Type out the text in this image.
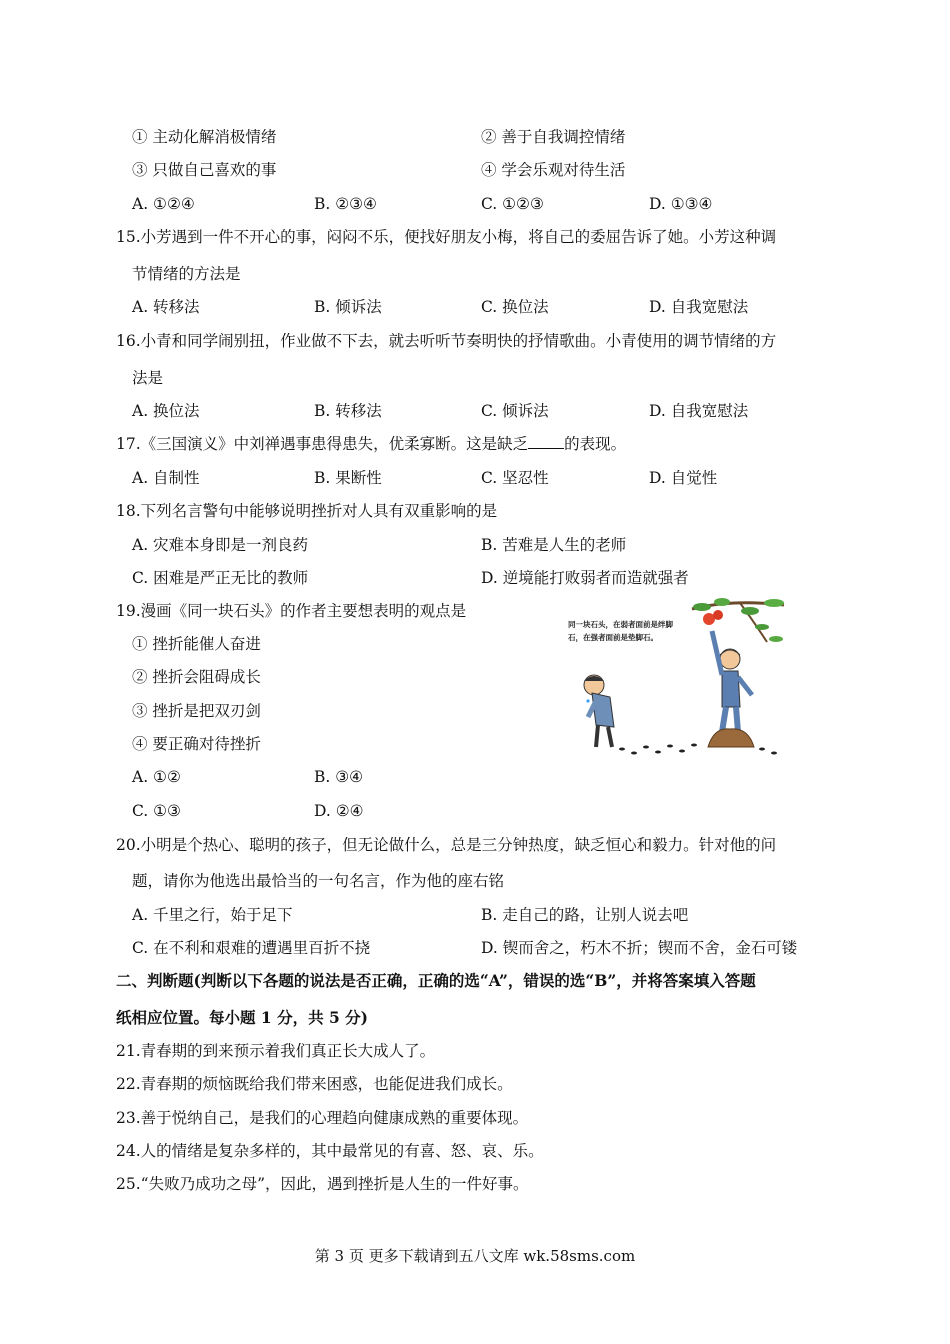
① 主动化解消极情绪	② 善于自我调控情绪
③ 只做自己喜欢的事	④ 学会乐观对待生活
A. ①②④	B. ②③④	C. ①②③	D. ①③④
15.小芳遇到一件不开心的事，闷闷不乐，便找好朋友小梅，将自己的委屈告诉了她。小芳这种调
节情绪的方法是
A. 转移法	B. 倾诉法	C. 换位法	D. 自我宽慰法
16.小青和同学闹别扭，作业做不下去，就去听听节奏明快的抒情歌曲。小青使用的调节情绪的方
法是
A. 换位法	B. 转移法	C. 倾诉法	D. 自我宽慰法
17.《三国演义》中刘禅遇事患得患失，优柔寡断。这是缺乏 的表现。
A. 自制性	B. 果断性	C. 坚忍性	D. 自觉性
18.下列名言警句中能够说明挫折对人具有双重影响的是
A. 灾难本身即是一剂良药	B. 苦难是人生的老师
C. 困难是严正无比的教师	D. 逆境能打败弱者而造就强者
19.漫画《同一块石头》的作者主要想表明的观点是
① 挫折能催人奋进
② 挫折会阻碍成长
③ 挫折是把双刃剑
④ 要正确对待挫折
A. ①②	B. ③④
C. ①③	D. ②④
同一块石头，在弱者面前是绊脚
石，在强者面前是垫脚石。
20.小明是个热心、聪明的孩子，但无论做什么，总是三分钟热度，缺乏恒心和毅力。针对他的问
题，请你为他选出最恰当的一句名言，作为他的座右铭
A. 千里之行，始于足下	B. 走自己的路，让别人说去吧
C. 在不利和艰难的遭遇里百折不挠	D. 锲而舍之，朽木不折；锲而不舍，金石可镂
二、判断题(判断以下各题的说法是否正确，正确的选“A”，错误的选“B”，并将答案填入答题
纸相应位置。每小题 1 分，共 5 分)
21.青春期的到来预示着我们真正长大成人了。
22.青春期的烦恼既给我们带来困惑，也能促进我们成长。
23.善于悦纳自己，是我们的心理趋向健康成熟的重要体现。
24.人的情绪是复杂多样的，其中最常见的有喜、怒、哀、乐。
25.“失败乃成功之母”，因此，遇到挫折是人生的一件好事。
第 3 页 更多下载请到五八文库 wk.58sms.com
